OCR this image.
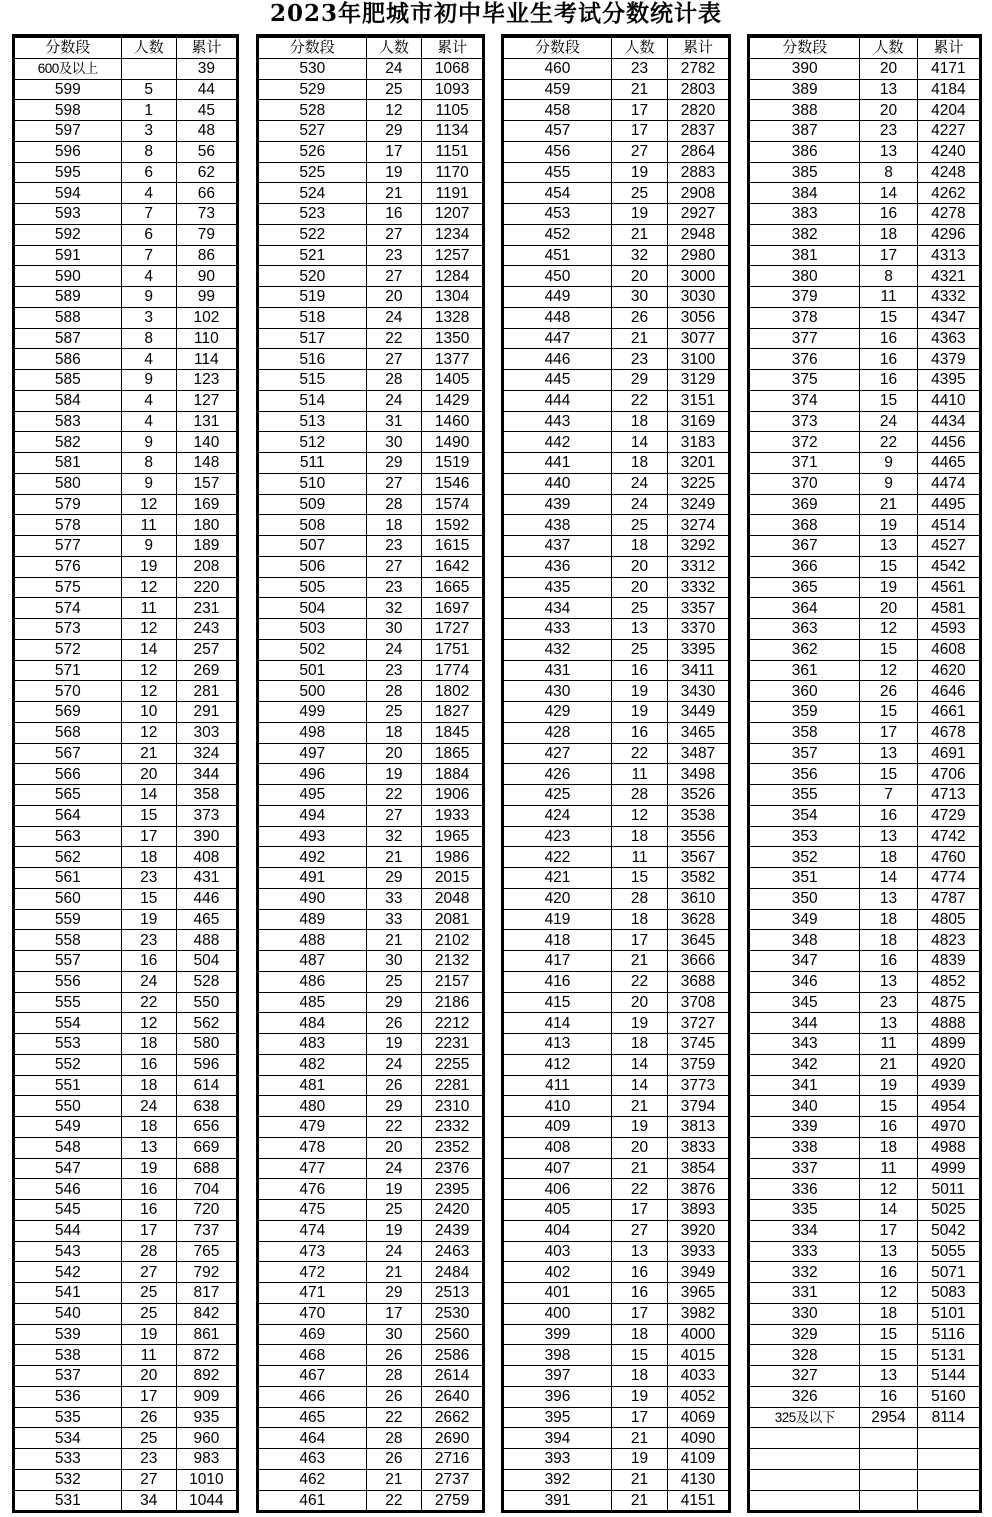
2023年肥城市初中毕业生考试分数统计表
分数段	人数	累计
600及以上		39
599	5	44
598	1	45
597	3	48
596	8	56
595	6	62
594	4	66
593	7	73
592	6	79
591	7	86
590	4	90
589	9	99
588	3	102
587	8	110
586	4	114
585	9	123
584	4	127
583	4	131
582	9	140
581	8	148
580	9	157
579	12	169
578	11	180
577	9	189
576	19	208
575	12	220
574	11	231
573	12	243
572	14	257
571	12	269
570	12	281
569	10	291
568	12	303
567	21	324
566	20	344
565	14	358
564	15	373
563	17	390
562	18	408
561	23	431
560	15	446
559	19	465
558	23	488
557	16	504
556	24	528
555	22	550
554	12	562
553	18	580
552	16	596
551	18	614
550	24	638
549	18	656
548	13	669
547	19	688
546	16	704
545	16	720
544	17	737
543	28	765
542	27	792
541	25	817
540	25	842
539	19	861
538	11	872
537	20	892
536	17	909
535	26	935
534	25	960
533	23	983
532	27	1010
531	34	1044
分数段	人数	累计
530	24	1068
529	25	1093
528	12	1105
527	29	1134
526	17	1151
525	19	1170
524	21	1191
523	16	1207
522	27	1234
521	23	1257
520	27	1284
519	20	1304
518	24	1328
517	22	1350
516	27	1377
515	28	1405
514	24	1429
513	31	1460
512	30	1490
511	29	1519
510	27	1546
509	28	1574
508	18	1592
507	23	1615
506	27	1642
505	23	1665
504	32	1697
503	30	1727
502	24	1751
501	23	1774
500	28	1802
499	25	1827
498	18	1845
497	20	1865
496	19	1884
495	22	1906
494	27	1933
493	32	1965
492	21	1986
491	29	2015
490	33	2048
489	33	2081
488	21	2102
487	30	2132
486	25	2157
485	29	2186
484	26	2212
483	19	2231
482	24	2255
481	26	2281
480	29	2310
479	22	2332
478	20	2352
477	24	2376
476	19	2395
475	25	2420
474	19	2439
473	24	2463
472	21	2484
471	29	2513
470	17	2530
469	30	2560
468	26	2586
467	28	2614
466	26	2640
465	22	2662
464	28	2690
463	26	2716
462	21	2737
461	22	2759
分数段	人数	累计
460	23	2782
459	21	2803
458	17	2820
457	17	2837
456	27	2864
455	19	2883
454	25	2908
453	19	2927
452	21	2948
451	32	2980
450	20	3000
449	30	3030
448	26	3056
447	21	3077
446	23	3100
445	29	3129
444	22	3151
443	18	3169
442	14	3183
441	18	3201
440	24	3225
439	24	3249
438	25	3274
437	18	3292
436	20	3312
435	20	3332
434	25	3357
433	13	3370
432	25	3395
431	16	3411
430	19	3430
429	19	3449
428	16	3465
427	22	3487
426	11	3498
425	28	3526
424	12	3538
423	18	3556
422	11	3567
421	15	3582
420	28	3610
419	18	3628
418	17	3645
417	21	3666
416	22	3688
415	20	3708
414	19	3727
413	18	3745
412	14	3759
411	14	3773
410	21	3794
409	19	3813
408	20	3833
407	21	3854
406	22	3876
405	17	3893
404	27	3920
403	13	3933
402	16	3949
401	16	3965
400	17	3982
399	18	4000
398	15	4015
397	18	4033
396	19	4052
395	17	4069
394	21	4090
393	19	4109
392	21	4130
391	21	4151
分数段	人数	累计
390	20	4171
389	13	4184
388	20	4204
387	23	4227
386	13	4240
385	8	4248
384	14	4262
383	16	4278
382	18	4296
381	17	4313
380	8	4321
379	11	4332
378	15	4347
377	16	4363
376	16	4379
375	16	4395
374	15	4410
373	24	4434
372	22	4456
371	9	4465
370	9	4474
369	21	4495
368	19	4514
367	13	4527
366	15	4542
365	19	4561
364	20	4581
363	12	4593
362	15	4608
361	12	4620
360	26	4646
359	15	4661
358	17	4678
357	13	4691
356	15	4706
355	7	4713
354	16	4729
353	13	4742
352	18	4760
351	14	4774
350	13	4787
349	18	4805
348	18	4823
347	16	4839
346	13	4852
345	23	4875
344	13	4888
343	11	4899
342	21	4920
341	19	4939
340	15	4954
339	16	4970
338	18	4988
337	11	4999
336	12	5011
335	14	5025
334	17	5042
333	13	5055
332	16	5071
331	12	5083
330	18	5101
329	15	5116
328	15	5131
327	13	5144
326	16	5160
325及以下	2954	8114
